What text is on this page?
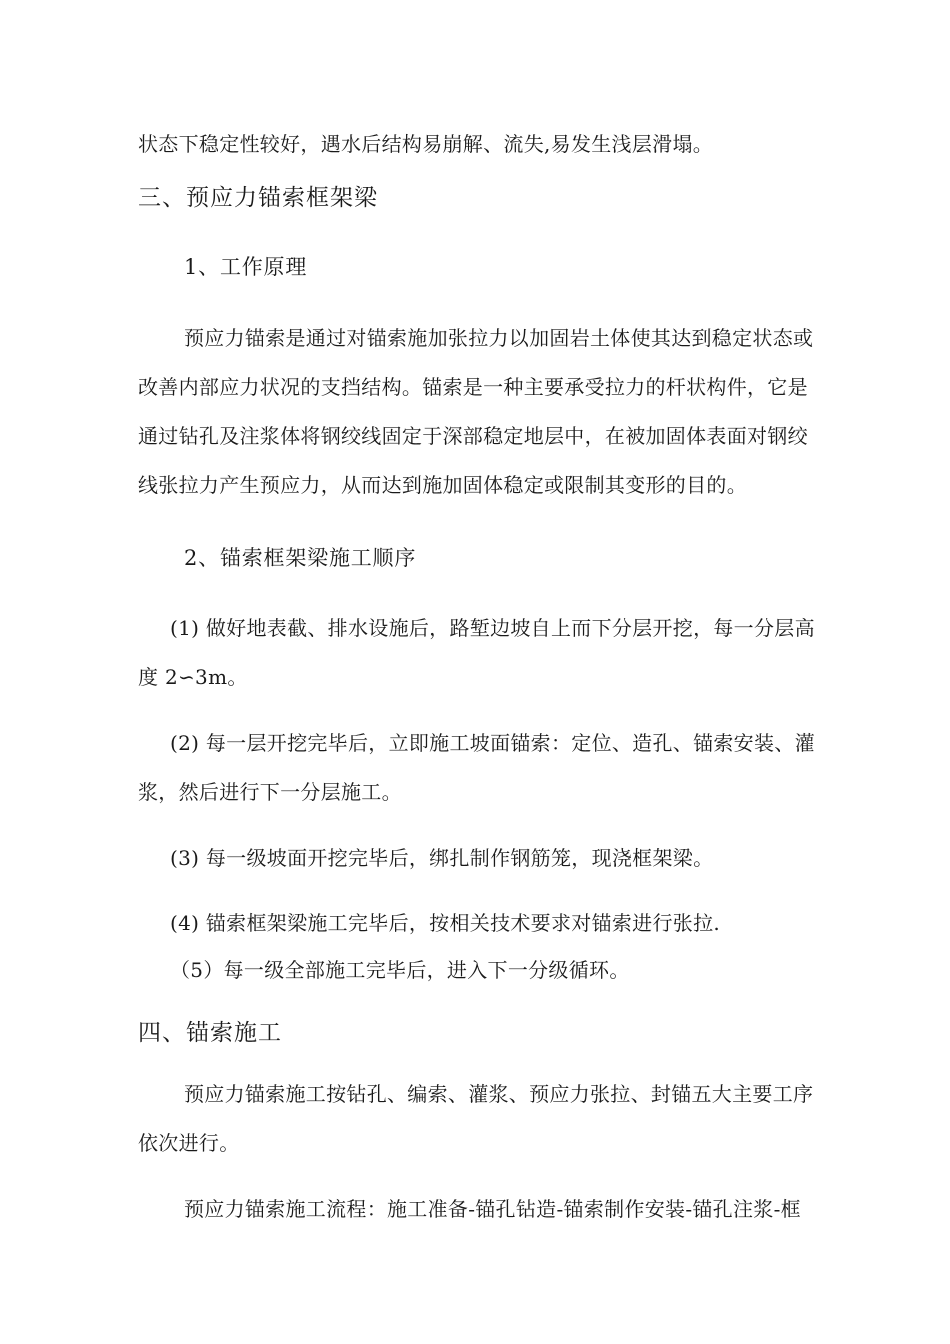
状态下稳定性较好，遇水后结构易崩解、流失,易发生浅层滑塌。
三、预应力锚索框架梁
1、工作原理
预应力锚索是通过对锚索施加张拉力以加固岩土体使其达到稳定状态或
改善内部应力状况的支挡结构。锚索是一种主要承受拉力的杆状构件，它是
通过钻孔及注浆体将钢绞线固定于深部稳定地层中，在被加固体表面对钢绞
线张拉力产生预应力，从而达到施加固体稳定或限制其变形的目的。
2、锚索框架梁施工顺序
(1) 做好地表截、排水设施后，路堑边坡自上而下分层开挖，每一分层高
度 2∽3m。
(2) 每一层开挖完毕后，立即施工坡面锚索：定位、造孔、锚索安装、灌
浆，然后进行下一分层施工。
(3) 每一级坡面开挖完毕后，绑扎制作钢筋笼，现浇框架梁。
(4) 锚索框架梁施工完毕后，按相关技术要求对锚索进行张拉.
（5）每一级全部施工完毕后，进入下一分级循环。
四、锚索施工
预应力锚索施工按钻孔、编索、灌浆、预应力张拉、封锚五大主要工序
依次进行。
预应力锚索施工流程：施工准备-锚孔钻造-锚索制作安装-锚孔注浆-框
